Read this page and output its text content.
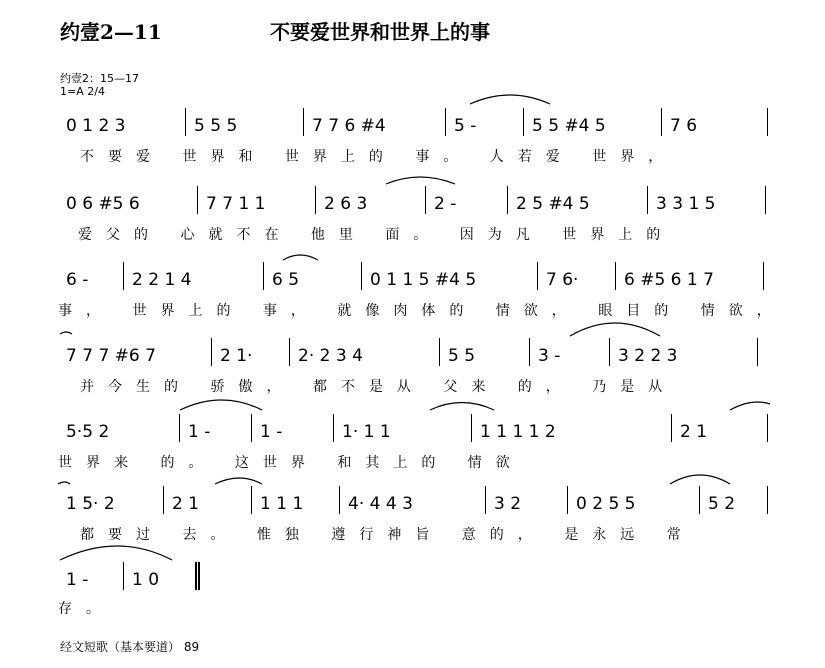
约壹2—11	不要爱世界和世界上的事
约壹2：15—17
1=A 2/4
0 1 2 3	5 5 5	7 7 6 #4	5 -	5 5 #4 5	7 6
不要爱 世界和 世界上的 事。 人若爱 世界，
0 6 #5 6	7 7 1 1	2 6 3	2 -	2 5 #4 5	3 3 1 5
爱父的 心就不在 他里 面。 因为凡 世界上的
6 -	2 2 1 4	6 5	0 1 1 5 #4 5	7 6·	6 #5 6 1 7
事， 世界上的 事， 就像肉体的 情欲， 眼目的 情欲，
7 7 7 #6 7	2 1·	2· 2 3 4	5 5	3 -	3 2 2 3
并今生的 骄傲， 都不是从 父来 的， 乃是从
5·5 2	1 -	1 -	1· 1 1	1 1 1 1 2	2 1
世界来 的。 这世界 和其上的 情欲
1 5· 2	2 1	1 1 1	4· 4 4 3	3 2	0 2 5 5	5 2
都要过 去。 惟独 遵行神旨 意的， 是永远 常
1 -	1 0
存。
经文短歌（基本要道） 89
